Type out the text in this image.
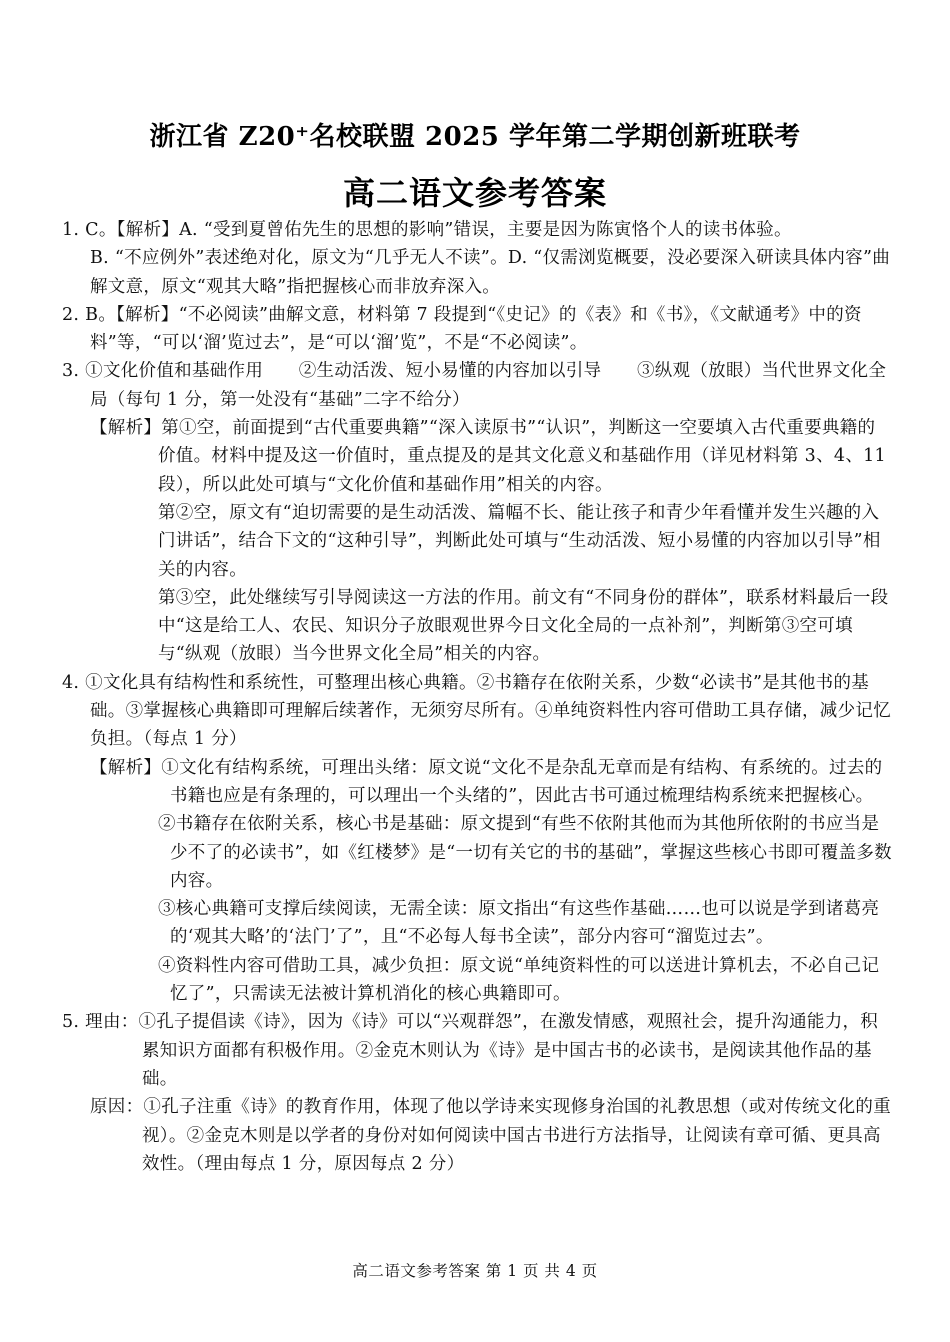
浙江省 Z20⁺名校联盟 2025 学年第二学期创新班联考
高二语文参考答案

1. C。【解析】A. “受到夏曾佑先生的思想的影响”错误，主要是因为陈寅恪个人的读书体验。

B. “不应例外”表述绝对化，原文为“几乎无人不读”。D. “仅需浏览概要，没必要深入研读具体内容”曲解文意，原文“观其大略”指把握核心而非放弃深入。

2. B。【解析】“不必阅读”曲解文意，材料第 7 段提到“《史记》的《表》和《书》，《文献通考》中的资料”等，“可以‘溜’览过去”，是“可以‘溜’览”，不是“不必阅读”。

3. ①文化价值和基础作用　　②生动活泼、短小易懂的内容加以引导　　③纵观（放眼）当代世界文化全局（每句 1 分，第一处没有“基础”二字不给分）

【解析】第①空，前面提到“古代重要典籍”“深入读原书”“认识”，判断这一空要填入古代重要典籍的价值。材料中提及这一价值时，重点提及的是其文化意义和基础作用（详见材料第 3、4、11 段），所以此处可填与“文化价值和基础作用”相关的内容。

第②空，原文有“迫切需要的是生动活泼、篇幅不长、能让孩子和青少年看懂并发生兴趣的入门讲话”，结合下文的“这种引导”，判断此处可填与“生动活泼、短小易懂的内容加以引导”相关的内容。

第③空，此处继续写引导阅读这一方法的作用。前文有“不同身份的群体”，联系材料最后一段中“这是给工人、农民、知识分子放眼观世界今日文化全局的一点补剂”，判断第③空可填与“纵观（放眼）当今世界文化全局”相关的内容。

4. ①文化具有结构性和系统性，可整理出核心典籍。②书籍存在依附关系，少数“必读书”是其他书的基础。③掌握核心典籍即可理解后续著作，无须穷尽所有。④单纯资料性内容可借助工具存储，减少记忆负担。（每点 1 分）

【解析】①文化有结构系统，可理出头绪：原文说“文化不是杂乱无章而是有结构、有系统的。过去的书籍也应是有条理的，可以理出一个头绪的”，因此古书可通过梳理结构系统来把握核心。

②书籍存在依附关系，核心书是基础：原文提到“有些不依附其他而为其他所依附的书应当是少不了的必读书”，如《红楼梦》是“一切有关它的书的基础”，掌握这些核心书即可覆盖多数内容。

③核心典籍可支撑后续阅读，无需全读：原文指出“有这些作基础……也可以说是学到诸葛亮的‘观其大略’的‘法门’了”，且“不必每人每书全读”，部分内容可“溜览过去”。

④资料性内容可借助工具，减少负担：原文说“单纯资料性的可以送进计算机去，不必自己记忆了”，只需读无法被计算机消化的核心典籍即可。

5. 理由：①孔子提倡读《诗》，因为《诗》可以“兴观群怨”，在激发情感，观照社会，提升沟通能力，积累知识方面都有积极作用。②金克木则认为《诗》是中国古书的必读书，是阅读其他作品的基础。

原因：①孔子注重《诗》的教育作用，体现了他以学诗来实现修身治国的礼教思想（或对传统文化的重视）。②金克木则是以学者的身份对如何阅读中国古书进行方法指导，让阅读有章可循、更具高效性。（理由每点 1 分，原因每点 2 分）

高二语文参考答案 第 1 页 共 4 页
